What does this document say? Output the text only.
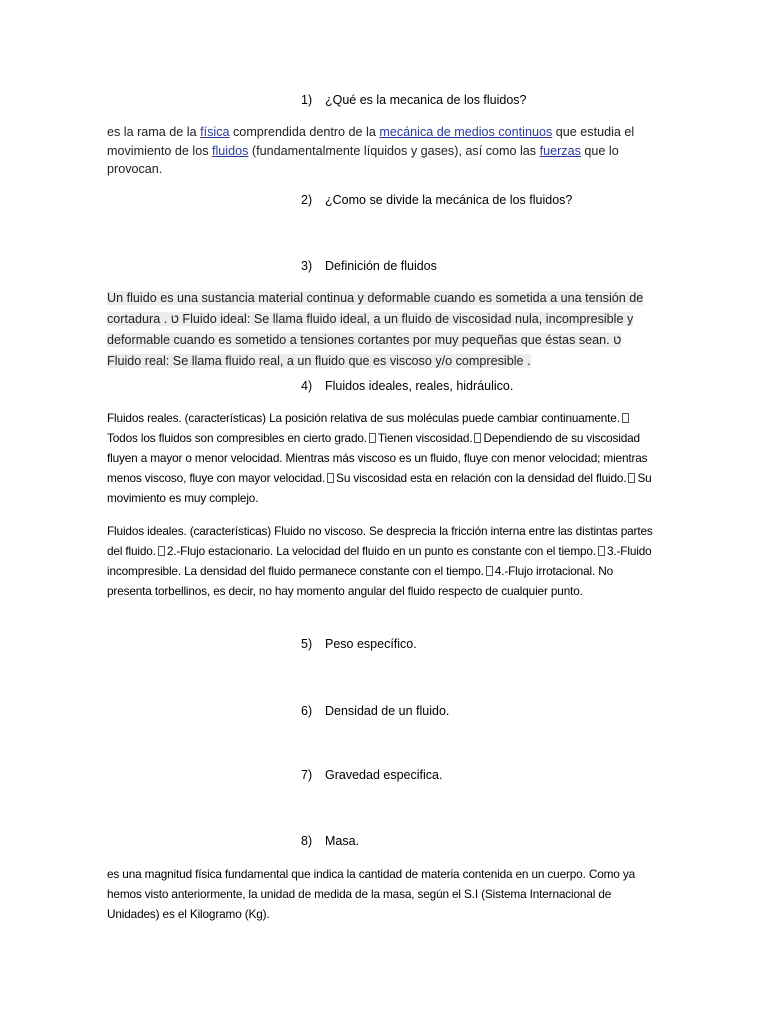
1) ¿Qué es la mecanica de los fluidos?
es la rama de la física comprendida dentro de la mecánica de medios continuos que estudia el movimiento de los fluidos (fundamentalmente líquidos y gases), así como las fuerzas que lo provocan.
2) ¿Como se divide la mecánica de los fluidos?
3) Definición de fluidos
Un fluido es una sustancia material continua y deformable cuando es sometida a una tensión de cortadura . ט Fluido ideal: Se llama fluido ideal, a un fluido de viscosidad nula, incompresible y deformable cuando es sometido a tensiones cortantes por muy pequeñas que éstas sean. ט Fluido real: Se llama fluido real, a un fluido que es viscoso y/o compresible .
4) Fluidos ideales, reales, hidráulico.
Fluidos reales. (características) La posición relativa de sus moléculas puede cambiar continuamente.Todos los fluidos son compresibles en cierto grado. Tienen viscosidad. Dependiendo de su viscosidad fluyen a mayor o menor velocidad. Mientras más viscoso es un fluido, fluye con menor velocidad; mientras menos viscoso, fluye con mayor velocidad. Su viscosidad esta en relación con la densidad del fluido. Su movimiento es muy complejo.
Fluidos ideales. (características) Fluido no viscoso. Se desprecia la fricción interna entre las distintas partes del fluido. 2.-Flujo estacionario. La velocidad del fluido en un punto es constante con el tiempo. 3.-Fluido incompresible. La densidad del fluido permanece constante con el tiempo. 4.-Flujo irrotacional. No presenta torbellinos, es decir, no hay momento angular del fluido respecto de cualquier punto.
5) Peso específico.
6) Densidad de un fluido.
7) Gravedad especifica.
8) Masa.
es una magnitud física fundamental que indica la cantidad de materia contenida en un cuerpo. Como ya hemos visto anteriormente, la unidad de medida de la masa, según el S.I (Sistema Internacional de Unidades) es el Kilogramo (Kg).
